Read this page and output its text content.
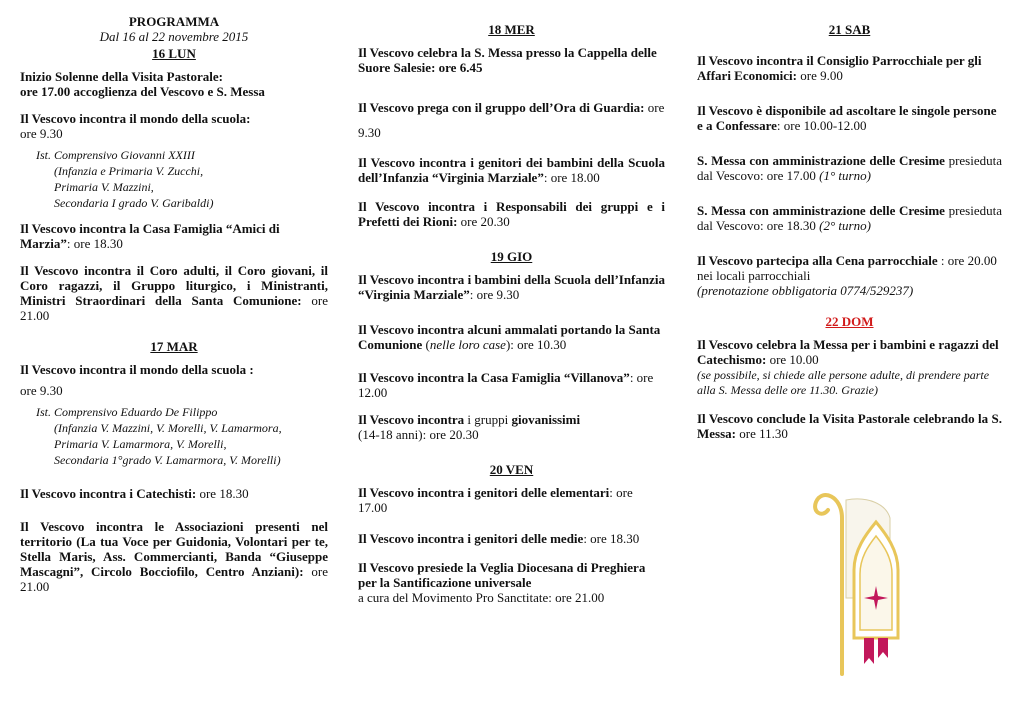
PROGRAMMA
Dal 16 al 22 novembre 2015
16 LUN
Inizio Solenne della Visita Pastorale:
ore 17.00 accoglienza del Vescovo e S. Messa
Il Vescovo incontra il mondo della scuola:
ore 9.30
Ist. Comprensivo Giovanni XXIII
(Infanzia e Primaria V. Zucchi,
Primaria V. Mazzini,
Secondaria I grado V. Garibaldi)
Il Vescovo incontra la Casa Famiglia “Amici di Marzia”: ore 18.30
Il Vescovo incontra il Coro adulti, il Coro giovani, il Coro ragazzi, il Gruppo liturgico, i Ministranti, Ministri Straordinari della Santa Comunione: ore 21.00
17 MAR
Il Vescovo incontra il mondo della scuola :
ore 9.30
Ist. Comprensivo Eduardo De Filippo
(Infanzia V. Mazzini, V. Morelli, V. Lamarmora,
Primaria V. Lamarmora, V. Morelli,
Secondaria 1°grado V. Lamarmora, V. Morelli)
Il Vescovo incontra i Catechisti: ore 18.30
Il Vescovo incontra le Associazioni presenti nel territorio (La tua Voce per Guidonia, Volontari per te, Stella Maris, Ass. Commercianti, Banda “Giuseppe Mascagni”, Circolo Bocciofilo, Centro Anziani): ore 21.00
18 MER
Il Vescovo celebra la S. Messa presso la Cappella delle Suore Salesie: ore 6.45
Il Vescovo prega con il gruppo dell’Ora di Guardia: ore 9.30
Il Vescovo incontra i genitori dei bambini della Scuola dell’Infanzia “Virginia Marziale”: ore 18.00
Il Vescovo incontra i Responsabili dei gruppi e i Prefetti dei Rioni: ore 20.30
19 GIO
Il Vescovo incontra i bambini della Scuola dell’Infanzia “Virginia Marziale”: ore 9.30
Il Vescovo incontra alcuni ammalati portando la Santa Comunione (nelle loro case): ore 10.30
Il Vescovo incontra la Casa Famiglia “Villanova”: ore 12.00
Il Vescovo incontra i gruppi giovanissimi
(14-18 anni): ore 20.30
20 VEN
Il Vescovo incontra i genitori delle elementari: ore 17.00
Il Vescovo incontra i genitori delle medie: ore 18.30
Il Vescovo presiede la Veglia Diocesana di Preghiera per la Santificazione universale
a cura del Movimento Pro Sanctitate: ore 21.00
21 SAB
Il Vescovo incontra il Consiglio Parrocchiale per gli Affari Economici: ore 9.00
Il Vescovo è disponibile ad ascoltare le singole persone e a Confessare: ore 10.00-12.00
S. Messa con amministrazione delle Cresime presieduta dal Vescovo: ore 17.00 (1° turno)
S. Messa con amministrazione delle Cresime presieduta dal Vescovo: ore 18.30 (2° turno)
Il Vescovo partecipa alla Cena parrocchiale : ore 20.00 nei locali parrocchiali
(prenotazione obbligatoria 0774/529237)
22 DOM
Il Vescovo celebra la Messa per i bambini e ragazzi del Catechismo: ore 10.00
(se possibile, si chiede alle persone adulte, di prendere parte alla S. Messa delle ore 11.30. Grazie)
Il Vescovo conclude la Visita Pastorale celebrando la S. Messa: ore 11.30
